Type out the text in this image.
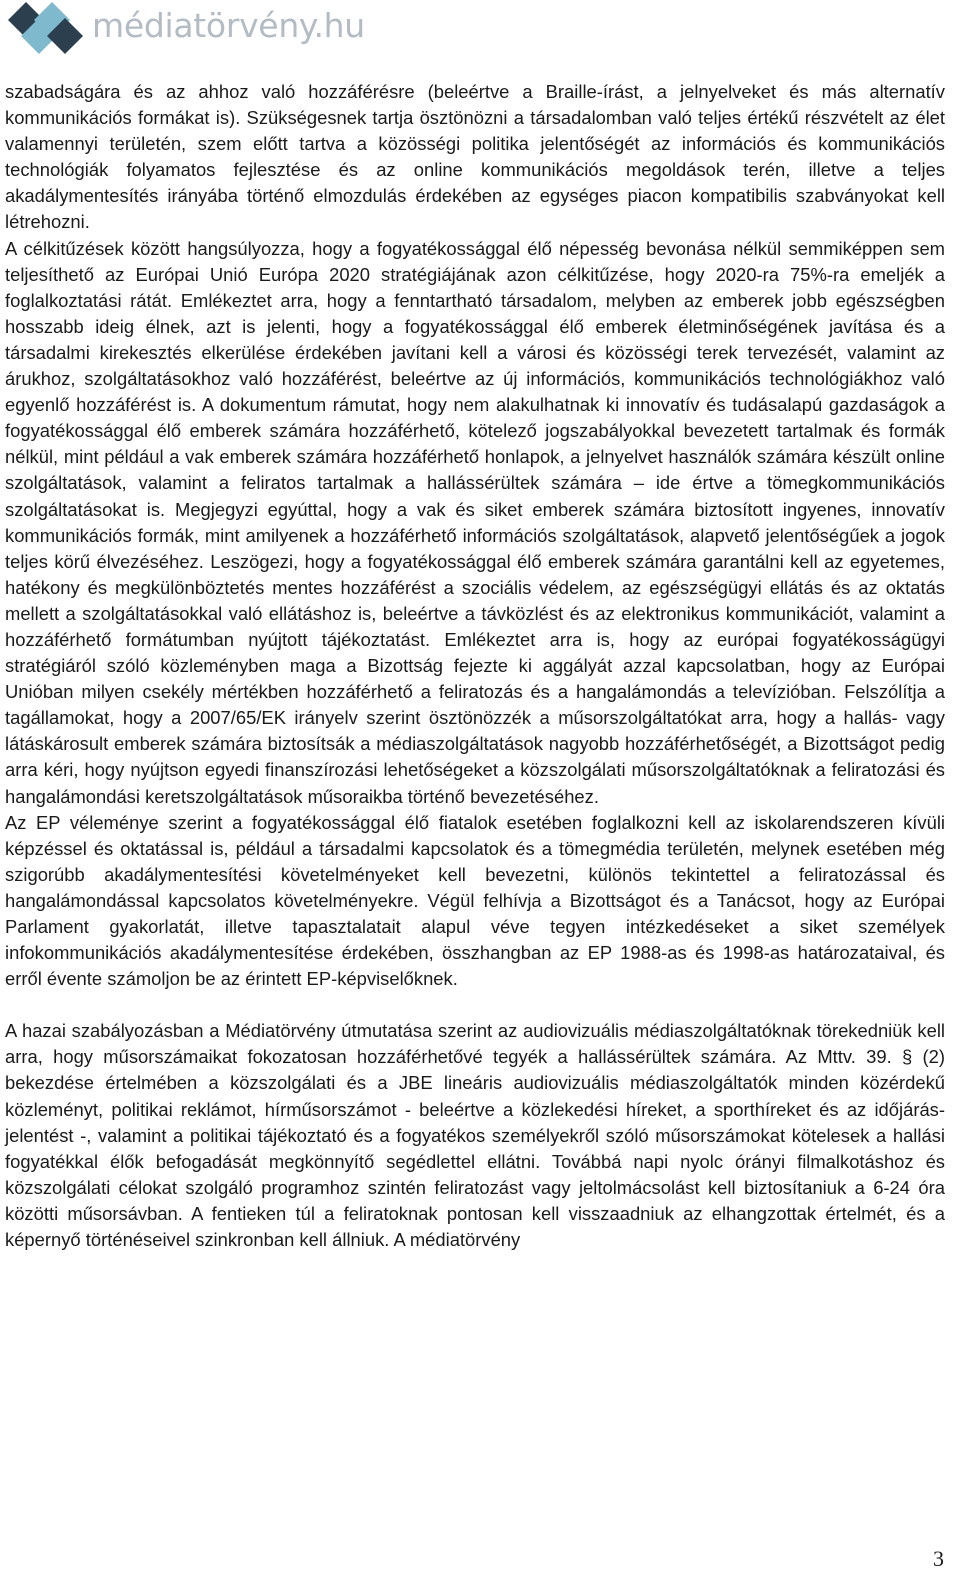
médiatörvény.hu

szabadságára és az ahhoz való hozzáférésre (beleértve a Braille-írást, a jelnyelveket és más alternatív kommunikációs formákat is). Szükségesnek tartja ösztönözni a társadalomban való teljes értékű részvételt az élet valamennyi területén, szem előtt tartva a közösségi politika jelentőségét az információs és kommunikációs technológiák folyamatos fejlesztése és az online kommunikációs megoldások terén, illetve a teljes akadálymentesítés irányába történő elmozdulás érdekében az egységes piacon kompatibilis szabványokat kell létrehozni.

A célkitűzések között hangsúlyozza, hogy a fogyatékossággal élő népesség bevonása nélkül semmiképpen sem teljesíthető az Európai Unió Európa 2020 stratégiájának azon célkitűzése, hogy 2020-ra 75%-ra emeljék a foglalkoztatási rátát. Emlékeztet arra, hogy a fenntartható társadalom, melyben az emberek jobb egészségben hosszabb ideig élnek, azt is jelenti, hogy a fogyatékossággal élő emberek életminőségének javítása és a társadalmi kirekesztés elkerülése érdekében javítani kell a városi és közösségi terek tervezését, valamint az árukhoz, szolgáltatásokhoz való hozzáférést, beleértve az új információs, kommunikációs technológiákhoz való egyenlő hozzáférést is. A dokumentum rámutat, hogy nem alakulhatnak ki innovatív és tudásalapú gazdaságok a fogyatékossággal élő emberek számára hozzáférhető, kötelező jogszabályokkal bevezetett tartalmak és formák nélkül, mint például a vak emberek számára hozzáférhető honlapok, a jelnyelvet használók számára készült online szolgáltatások, valamint a feliratos tartalmak a hallássérültek számára – ide értve a tömegkommunikációs szolgáltatásokat is. Megjegyzi egyúttal, hogy a vak és siket emberek számára biztosított ingyenes, innovatív kommunikációs formák, mint amilyenek a hozzáférhető információs szolgáltatások, alapvető jelentőségűek a jogok teljes körű élvezéséhez. Leszögezi, hogy a fogyatékossággal élő emberek számára garantálni kell az egyetemes, hatékony és megkülönböztetés mentes hozzáférést a szociális védelem, az egészségügyi ellátás és az oktatás mellett a szolgáltatásokkal való ellátáshoz is, beleértve a távközlést és az elektronikus kommunikációt, valamint a hozzáférhető formátumban nyújtott tájékoztatást. Emlékeztet arra is, hogy az európai fogyatékosságügyi stratégiáról szóló közleményben maga a Bizottság fejezte ki aggályát azzal kapcsolatban, hogy az Európai Unióban milyen csekély mértékben hozzáférhető a feliratozás és a hangalámondás a televízióban. Felszólítja a tagállamokat, hogy a 2007/65/EK irányelv szerint ösztönözzék a műsorszolgáltatókat arra, hogy a hallás- vagy látáskárosult emberek számára biztosítsák a médiaszolgáltatások nagyobb hozzáférhetőségét, a Bizottságot pedig arra kéri, hogy nyújtson egyedi finanszírozási lehetőségeket a közszolgálati műsorszolgáltatóknak a feliratozási és hangalámondási keretszolgáltatások műsoraikba történő bevezetéséhez.

Az EP véleménye szerint a fogyatékossággal élő fiatalok esetében foglalkozni kell az iskolarendszeren kívüli képzéssel és oktatással is, például a társadalmi kapcsolatok és a tömegmédia területén, melynek esetében még szigorúbb akadálymentesítési követelményeket kell bevezetni, különös tekintettel a feliratozással és hangalámondással kapcsolatos követelményekre. Végül felhívja a Bizottságot és a Tanácsot, hogy az Európai Parlament gyakorlatát, illetve tapasztalatait alapul véve tegyen intézkedéseket a siket személyek infokommunikációs akadálymentesítése érdekében, összhangban az EP 1988-as és 1998-as határozataival, és erről évente számoljon be az érintett EP-képviselőknek.

A hazai szabályozásban a Médiatörvény útmutatása szerint az audiovizuális médiaszolgáltatóknak törekedniük kell arra, hogy műsorszámaikat fokozatosan hozzáférhetővé tegyék a hallássérültek számára. Az Mttv. 39. § (2) bekezdése értelmében a közszolgálati és a JBE lineáris audiovizuális médiaszolgáltatók minden közérdekű közleményt, politikai reklámot, hírműsorszámot - beleértve a közlekedési híreket, a sporthíreket és az időjárás-jelentést -, valamint a politikai tájékoztató és a fogyatékos személyekről szóló műsorszámokat kötelesek a hallási fogyatékkal élők befogadását megkönnyítő segédlettel ellátni. Továbbá napi nyolc órányi filmalkotáshoz és közszolgálati célokat szolgáló programhoz szintén feliratozást vagy jeltolmácsolást kell biztosítaniuk a 6-24 óra közötti műsorsávban. A fentieken túl a feliratoknak pontosan kell visszaadniuk az elhangzottak értelmét, és a képernyő történéseivel szinkronban kell állniuk. A médiatörvény

3
